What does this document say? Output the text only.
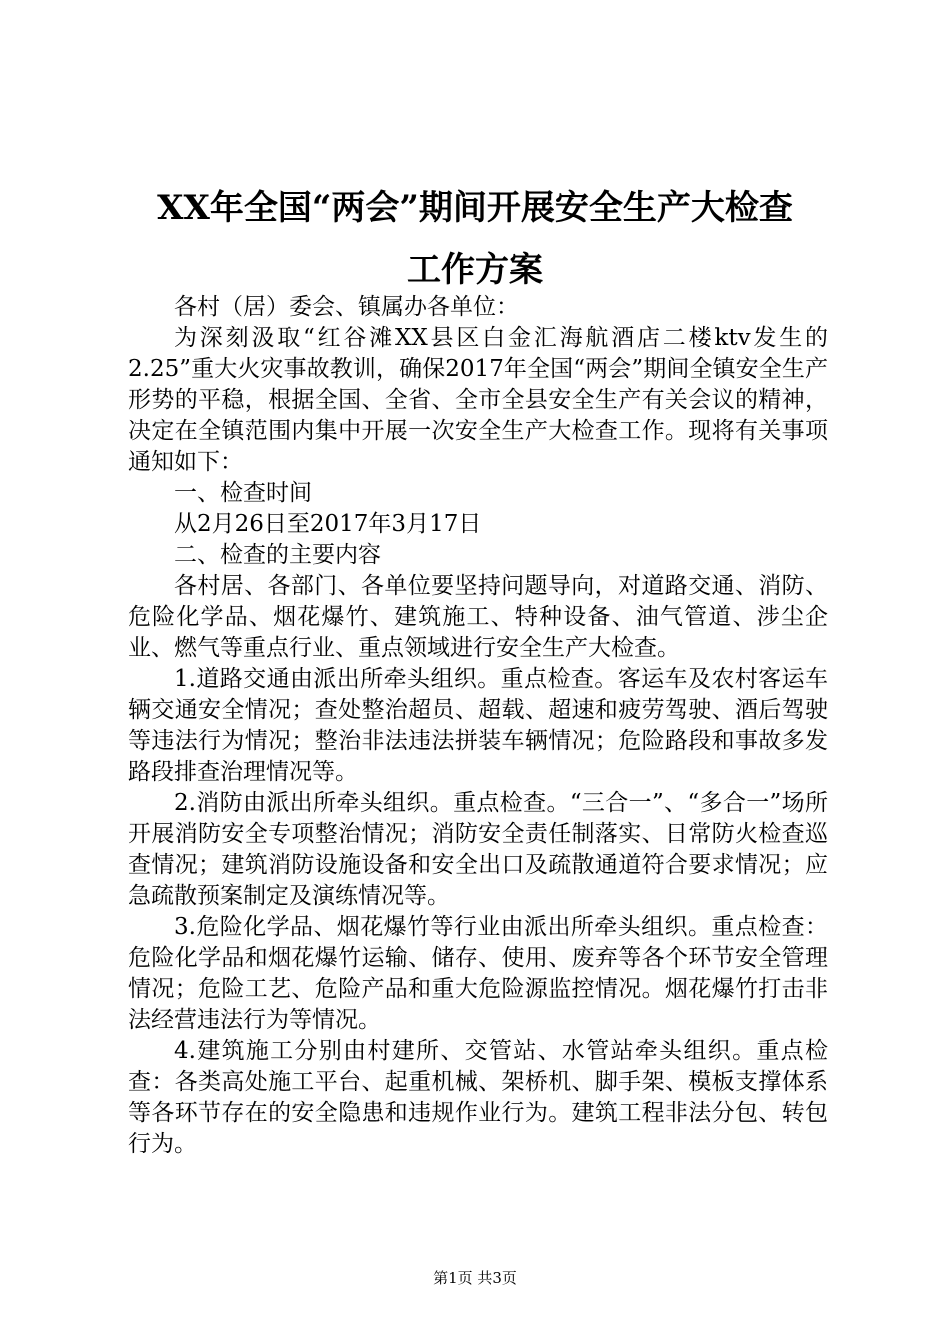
XX年全国“两会”期间开展安全生产大检查
工作方案

各村（居）委会、镇属办各单位：

为深刻汲取“红谷滩XX县区白金汇海航酒店二楼ktv发生的2.25”重大火灾事故教训，确保2017年全国“两会”期间全镇安全生产形势的平稳，根据全国、全省、全市全县安全生产有关会议的精神，决定在全镇范围内集中开展一次安全生产大检查工作。现将有关事项通知如下：

一、检查时间

从2月26日至2017年3月17日

二、检查的主要内容

各村居、各部门、各单位要坚持问题导向，对道路交通、消防、危险化学品、烟花爆竹、建筑施工、特种设备、油气管道、涉尘企业、燃气等重点行业、重点领域进行安全生产大检查。

1.道路交通由派出所牵头组织。重点检查。客运车及农村客运车辆交通安全情况；查处整治超员、超载、超速和疲劳驾驶、酒后驾驶等违法行为情况；整治非法违法拼装车辆情况；危险路段和事故多发路段排查治理情况等。

2.消防由派出所牵头组织。重点检查。“三合一”、“多合一”场所开展消防安全专项整治情况；消防安全责任制落实、日常防火检查巡查情况；建筑消防设施设备和安全出口及疏散通道符合要求情况；应急疏散预案制定及演练情况等。

3.危险化学品、烟花爆竹等行业由派出所牵头组织。重点检查：危险化学品和烟花爆竹运输、储存、使用、废弃等各个环节安全管理情况；危险工艺、危险产品和重大危险源监控情况。烟花爆竹打击非法经营违法行为等情况。

4.建筑施工分别由村建所、交管站、水管站牵头组织。重点检查：各类高处施工平台、起重机械、架桥机、脚手架、模板支撑体系等各环节存在的安全隐患和违规作业行为。建筑工程非法分包、转包行为。

第1页 共3页
